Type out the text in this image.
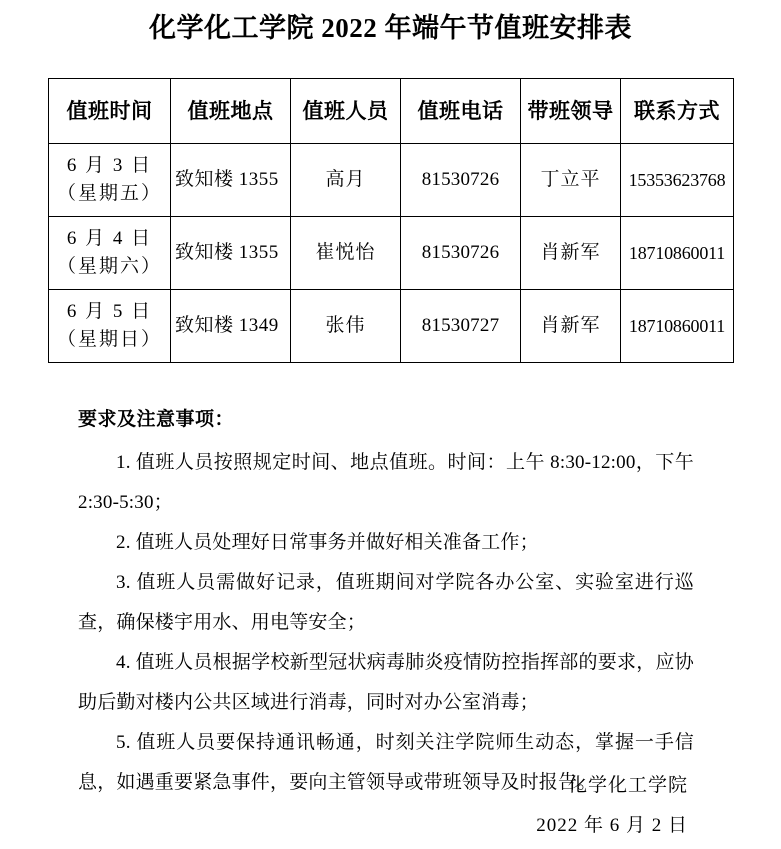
化学化工学院 2022 年端午节值班安排表
值班时间	值班地点	值班人员	值班电话	带班领导	联系方式

6 月 3 日
（星期五）	致知楼 1355	高月	81530726	丁立平	15353623768

6 月 4 日
（星期六）	致知楼 1355	崔悦怡	81530726	肖新军	18710860011

6 月 5 日
（星期日）	致知楼 1349	张伟	81530727	肖新军	18710860011

要求及注意事项：

1. 值班人员按照规定时间、地点值班。时间：上午 8:30-12:00，下午 2:30-5:30；

2. 值班人员处理好日常事务并做好相关准备工作；

3. 值班人员需做好记录，值班期间对学院各办公室、实验室进行巡查，确保楼宇用水、用电等安全；

4. 值班人员根据学校新型冠状病毒肺炎疫情防控指挥部的要求，应协助后勤对楼内公共区域进行消毒，同时对办公室消毒；

5. 值班人员要保持通讯畅通，时刻关注学院师生动态，掌握一手信息，如遇重要紧急事件，要向主管领导或带班领导及时报告。

化学化工学院
2022 年 6 月 2 日
